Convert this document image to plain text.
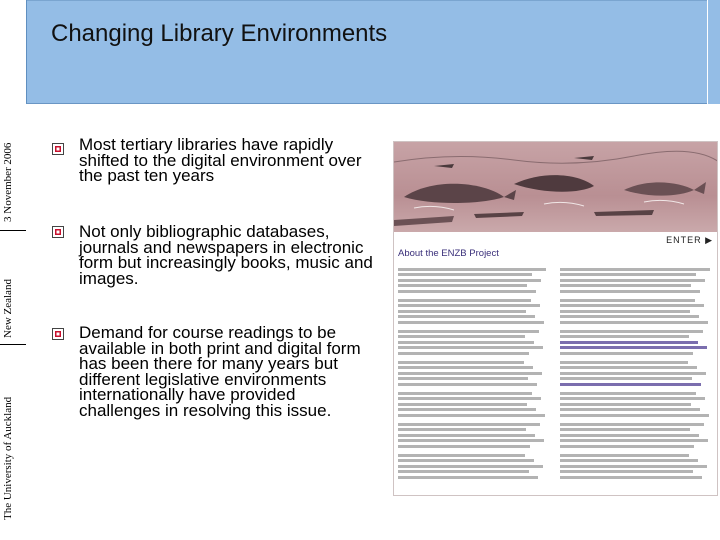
3 November 2006
New Zealand
The University of Auckland
Changing Library Environments
Most tertiary libraries have rapidly shifted to the digital environment over the past ten years
Not only bibliographic databases, journals and newspapers in electronic form but increasingly books, music and images.
Demand for course readings to be available in both print and digital form has been there for many years but different legislative environments internationally have provided challenges in resolving this issue.
ENTER ▶
About the ENZB Project
